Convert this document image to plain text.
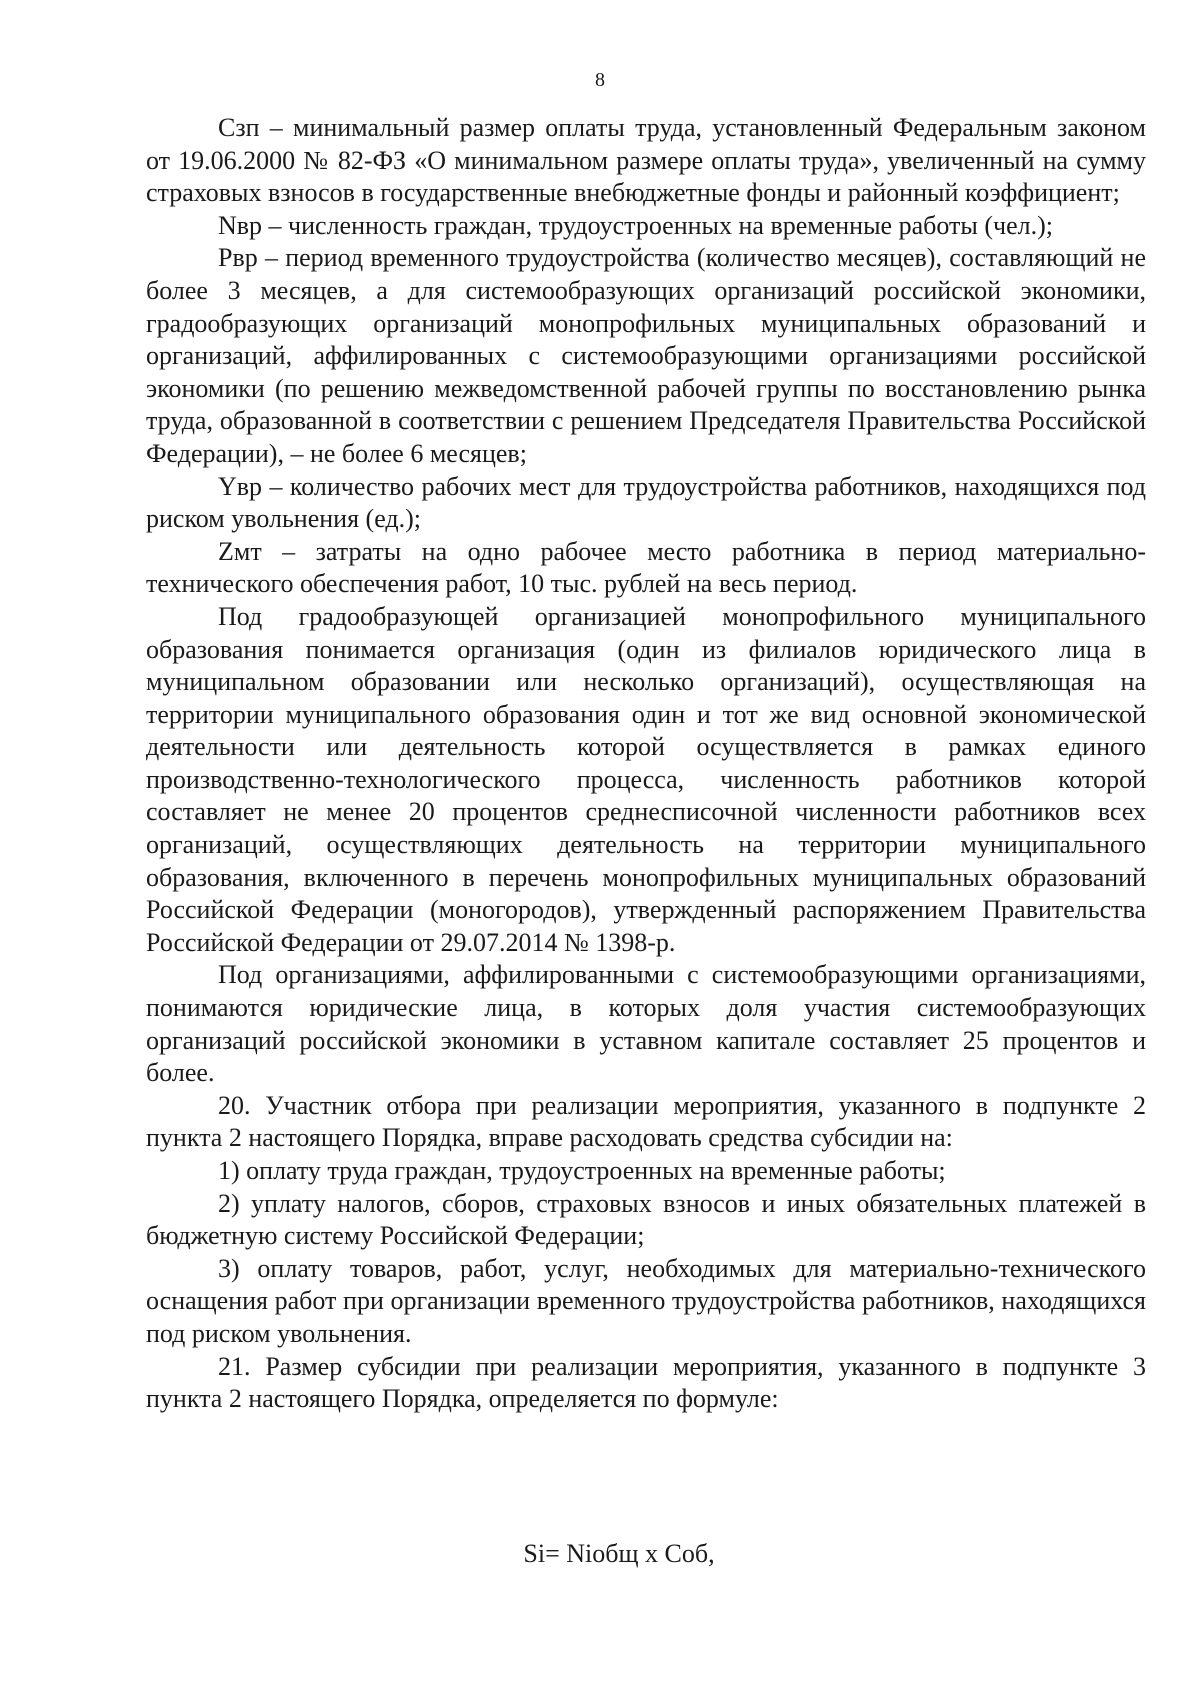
8

Сзп – минимальный размер оплаты труда, установленный Федеральным законом от 19.06.2000 № 82-ФЗ «О минимальном размере оплаты труда», увеличенный на сумму страховых взносов в государственные внебюджетные фонды и районный коэффициент;

Nвр – численность граждан, трудоустроенных на временные работы (чел.);

Рвр – период временного трудоустройства (количество месяцев), составляющий не более 3 месяцев, а для системообразующих организаций российской экономики, градообразующих организаций монопрофильных муниципальных образований и организаций, аффилированных с системообразующими организациями российской экономики (по решению межведомственной рабочей группы по восстановлению рынка труда, образованной в соответствии с решением Председателя Правительства Российской Федерации), – не более 6 месяцев;

Yвр – количество рабочих мест для трудоустройства работников, находящихся под риском увольнения (ед.);

Zмт – затраты на одно рабочее место работника в период материально-технического обеспечения работ, 10 тыс. рублей на весь период.

Под градообразующей организацией монопрофильного муниципального образования понимается организация (один из филиалов юридического лица в муниципальном образовании или несколько организаций), осуществляющая на территории муниципального образования один и тот же вид основной экономической деятельности или деятельность которой осуществляется в рамках единого производственно-технологического процесса, численность работников которой составляет не менее 20 процентов среднесписочной численности работников всех организаций, осуществляющих деятельность на территории муниципального образования, включенного в перечень монопрофильных муниципальных образований Российской Федерации (моногородов), утвержденный распоряжением Правительства Российской Федерации от 29.07.2014 № 1398-р.

Под организациями, аффилированными с системообразующими организациями, понимаются юридические лица, в которых доля участия системообразующих организаций российской экономики в уставном капитале составляет 25 процентов и более.

20. Участник отбора при реализации мероприятия, указанного в подпункте 2 пункта 2 настоящего Порядка, вправе расходовать средства субсидии на:

1) оплату труда граждан, трудоустроенных на временные работы;

2) уплату налогов, сборов, страховых взносов и иных обязательных платежей в бюджетную систему Российской Федерации;

3) оплату товаров, работ, услуг, необходимых для материально-технического оснащения работ при организации временного трудоустройства работников, находящихся под риском увольнения.

21. Размер субсидии при реализации мероприятия, указанного в подпункте 3 пункта 2 настоящего Порядка, определяется по формуле:

Si= Niобщ x Соб,
